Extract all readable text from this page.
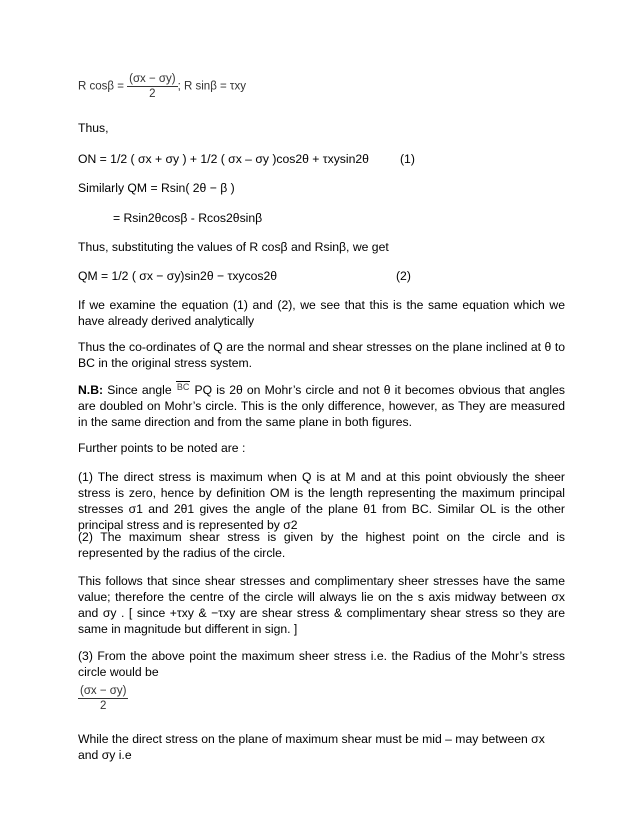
R $\cos\beta = \frac{(\sigma x - \sigma y)}{2}$ ; R sinβ = τxy
Thus,
ON = 1/2 ( σx + σy ) + 1/2 ( σx – σy )cos2θ + τxysin2θ	(1)
Similarly QM = Rsin( 2θ − β )
= Rsin2θcosβ - Rcos2θsinβ
Thus, substituting the values of R cosβ and Rsinβ, we get
QM = 1/2 ( σx − σy)sin2θ − τxycos2θ	(2)
If we examine the equation (1) and (2), we see that this is the same equation which we have already derived analytically
Thus the co-ordinates of Q are the normal and shear stresses on the plane inclined at θ to BC in the original stress system.
N.B: Since angle BC PQ is 2θ on Mohr’s circle and not θ it becomes obvious that angles are doubled on Mohr’s circle. This is the only difference, however, as They are measured in the same direction and from the same plane in both figures.
Further points to be noted are :
(1) The direct stress is maximum when Q is at M and at this point obviously the sheer stress is zero, hence by definition OM is the length representing the maximum principal stresses σ1 and 2θ1 gives the angle of the plane θ1 from BC. Similar OL is the other principal stress and is represented by σ2
(2) The maximum shear stress is given by the highest point on the circle and is represented by the radius of the circle.
This follows that since shear stresses and complimentary sheer stresses have the same value; therefore the centre of the circle will always lie on the s axis midway between σx and σy . [ since +τxy & −τxy are shear stress & complimentary shear stress so they are same in magnitude but different in sign. ]
(3) From the above point the maximum sheer stress i.e. the Radius of the Mohr’s stress circle would be
$\frac{(\sigma x - \sigma y)}{2}$
While the direct stress on the plane of maximum shear must be mid – may between σx and σy i.e
